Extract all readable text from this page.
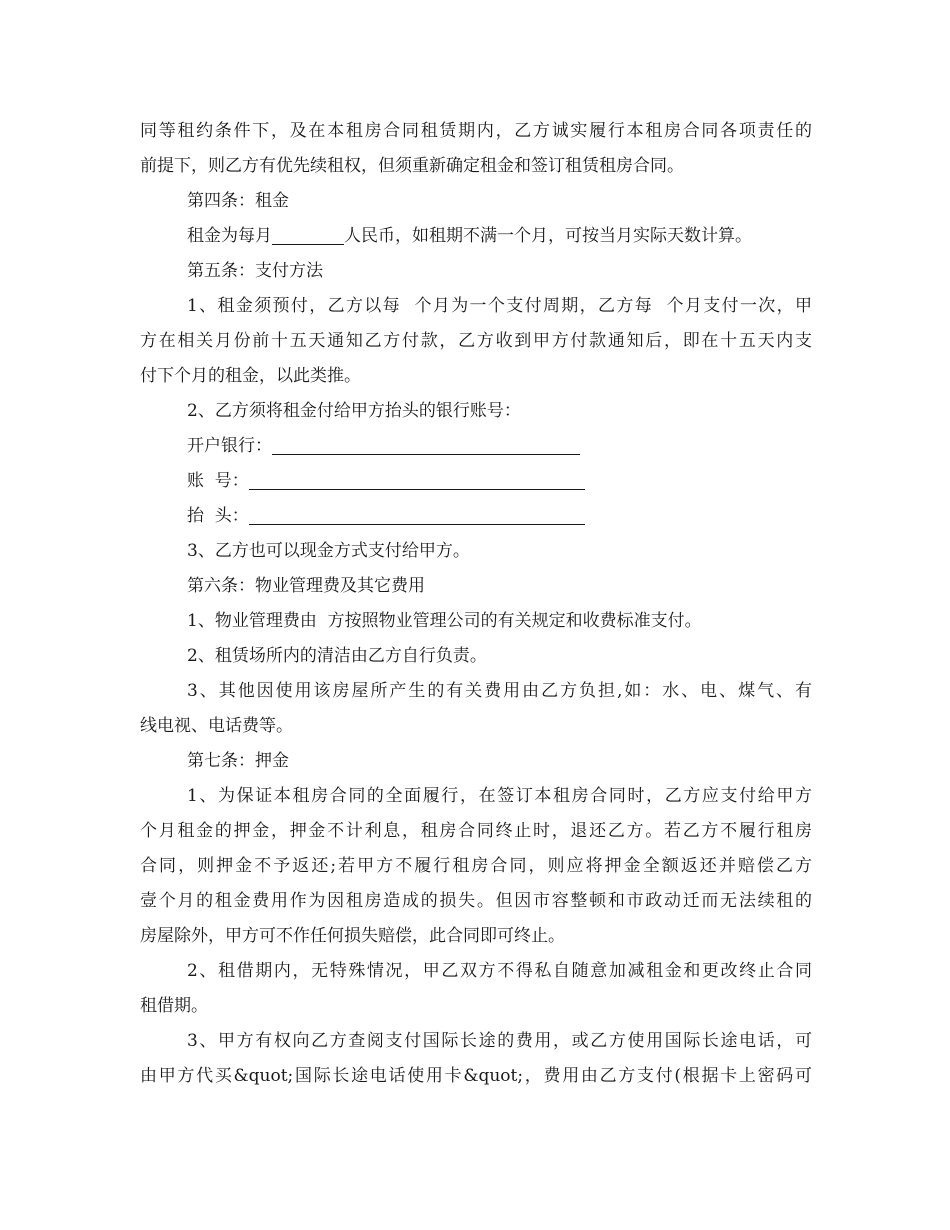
同等租约条件下，及在本租房合同租赁期内，乙方诚实履行本租房合同各项责任的
前提下，则乙方有优先续租权，但须重新确定租金和签订租赁租房合同。
第四条：租金
租金为每月	人民币，如租期不满一个月，可按当月实际天数计算。
第五条：支付方法
1、租金须预付，乙方以每  个月为一个支付周期，乙方每  个月支付一次，甲
方在相关月份前十五天通知乙方付款，乙方收到甲方付款通知后，即在十五天内支
付下个月的租金，以此类推。
2、乙方须将租金付给甲方抬头的银行账号：
开户银行：
账  号：
抬  头：
3、乙方也可以现金方式支付给甲方。
第六条：物业管理费及其它费用
1、物业管理费由  方按照物业管理公司的有关规定和收费标准支付。
2、租赁场所内的清洁由乙方自行负责。
3、其他因使用该房屋所产生的有关费用由乙方负担,如：水、电、煤气、有
线电视、电话费等。
第七条：押金
1、为保证本租房合同的全面履行，在签订本租房合同时，乙方应支付给甲方
个月租金的押金，押金不计利息，租房合同终止时，退还乙方。若乙方不履行租房
合同，则押金不予返还;若甲方不履行租房合同，则应将押金全额返还并赔偿乙方
壹个月的租金费用作为因租房造成的损失。但因市容整顿和市政动迁而无法续租的
房屋除外，甲方可不作任何损失赔偿，此合同即可终止。
2、租借期内，无特殊情况，甲乙双方不得私自随意加减租金和更改终止合同
租借期。
3、甲方有权向乙方查阅支付国际长途的费用，或乙方使用国际长途电话，可
由甲方代买&quot;国际长途电话使用卡&quot;，费用由乙方支付(根据卡上密码可
